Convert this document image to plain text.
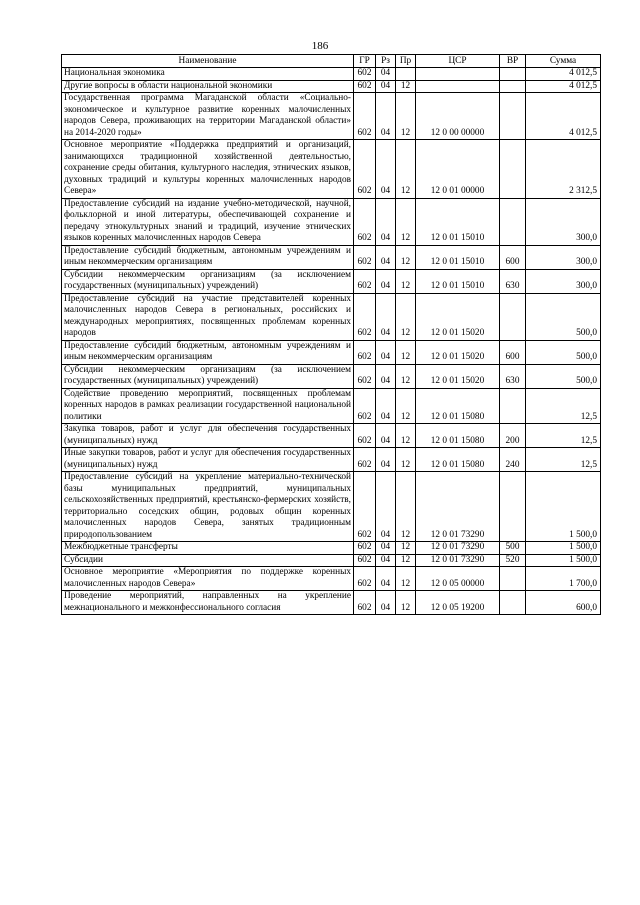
186
Наименование	ГР	Рз	Пр	ЦСР	ВР	Сумма
Национальная экономика	602	04				4 012,5
Другие вопросы в области национальной экономики	602	04	12			4 012,5
Государственная программа Магаданской области «Социально-экономическое и культурное развитие коренных малочисленных народов Севера, проживающих на территории Магаданской области» на 2014-2020 годы»	602	04	12	12 0 00 00000		4 012,5
Основное мероприятие «Поддержка предприятий и организаций, занимающихся традиционной хозяйственной деятельностью, сохранение среды обитания, культурного наследия, этнических языков, духовных традиций и культуры коренных малочисленных народов Севера»	602	04	12	12 0 01 00000		2 312,5
Предоставление субсидий на издание учебно-методической, научной, фольклорной и иной литературы, обеспечивающей сохранение и передачу этнокультурных знаний и традиций, изучение этнических языков коренных малочисленных народов Севера	602	04	12	12 0 01 15010		300,0
Предоставление субсидий бюджетным, автономным учреждениям и иным некоммерческим организациям	602	04	12	12 0 01 15010	600	300,0
Субсидии некоммерческим организациям (за исключением государственных (муниципальных) учреждений)	602	04	12	12 0 01 15010	630	300,0
Предоставление субсидий на участие представителей коренных малочисленных народов Севера в региональных, российских и международных мероприятиях, посвященных проблемам коренных народов	602	04	12	12 0 01 15020		500,0
Предоставление субсидий бюджетным, автономным учреждениям и иным некоммерческим организациям	602	04	12	12 0 01 15020	600	500,0
Субсидии некоммерческим организациям (за исключением государственных (муниципальных) учреждений)	602	04	12	12 0 01 15020	630	500,0
Содействие проведению мероприятий, посвященных проблемам коренных народов в рамках реализации государственной национальной политики	602	04	12	12 0 01 15080		12,5
Закупка товаров, работ и услуг для обеспечения государственных (муниципальных) нужд	602	04	12	12 0 01 15080	200	12,5
Иные закупки товаров, работ и услуг для обеспечения государственных (муниципальных) нужд	602	04	12	12 0 01 15080	240	12,5
Предоставление субсидий на укрепление материально-технической базы муниципальных предприятий, муниципальных сельскохозяйственных предприятий, крестьянско-фермерских хозяйств, территориально соседских общин, родовых общин коренных малочисленных народов Севера, занятых традиционным природопользованием	602	04	12	12 0 01 73290		1 500,0
Межбюджетные трансферты	602	04	12	12 0 01 73290	500	1 500,0
Субсидии	602	04	12	12 0 01 73290	520	1 500,0
Основное мероприятие «Мероприятия по поддержке коренных малочисленных народов Севера»	602	04	12	12 0 05 00000		1 700,0
Проведение мероприятий, направленных на укрепление межнационального и межконфессионального согласия	602	04	12	12 0 05 19200		600,0
